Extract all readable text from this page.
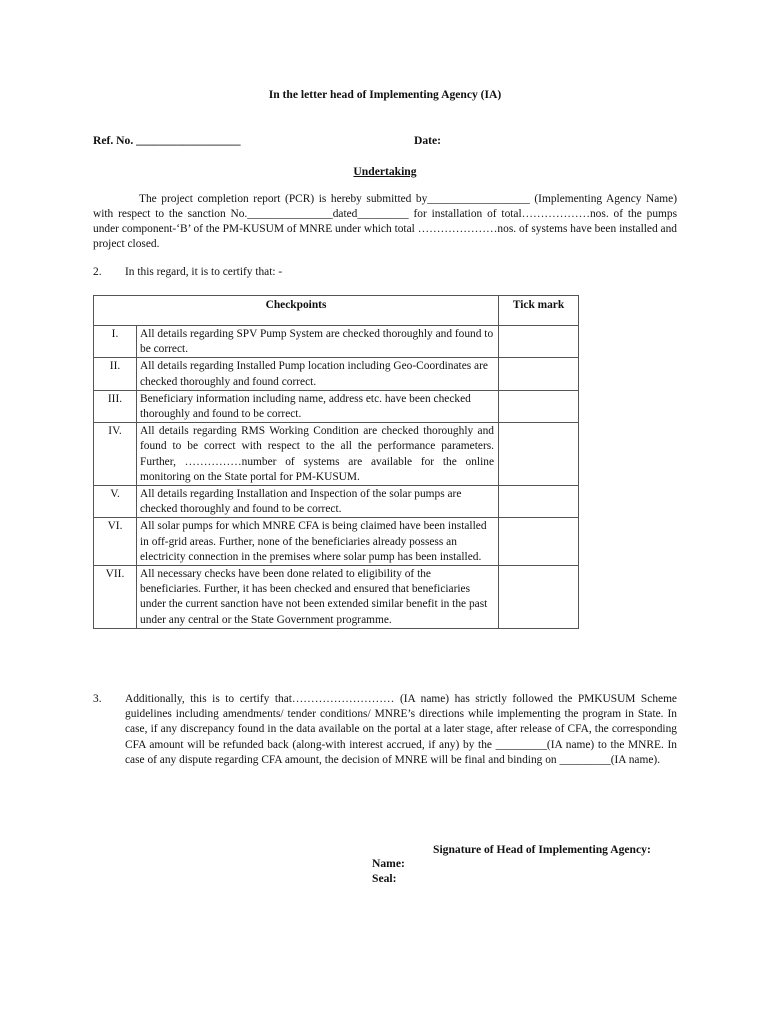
In the letter head of Implementing Agency (IA)
Ref. No. __________________	Date:
Undertaking
The project completion report (PCR) is hereby submitted by__________________ (Implementing Agency Name) with respect to the sanction No._______________dated_________ for installation of total………………nos. of the pumps under component-‘B’ of the PM-KUSUM of MNRE under which total …………………nos. of systems have been installed and project closed.
2. In this regard, it is to certify that: -
Checkpoints		Tick mark
I.	All details regarding SPV Pump System are checked thoroughly and found to be correct.	
II.	All details regarding Installed Pump location including Geo-Coordinates are checked thoroughly and found correct.	
III.	Beneficiary information including name, address etc. have been checked thoroughly and found to be correct.	
IV.	All details regarding RMS Working Condition are checked thoroughly and found to be correct with respect to the all the performance parameters. Further, ……………number of systems are available for the online monitoring on the State portal for PM-KUSUM.	
V.	All details regarding Installation and Inspection of the solar pumps are checked thoroughly and found to be correct.	
VI.	All solar pumps for which MNRE CFA is being claimed have been installed in off-grid areas. Further, none of the beneficiaries already possess an electricity connection in the premises where solar pump has been installed.	
VII.	All necessary checks have been done related to eligibility of the beneficiaries. Further, it has been checked and ensured that beneficiaries under the current sanction have not been extended similar benefit in the past under any central or the State Government programme.	
3. Additionally, this is to certify that……………………… (IA name) has strictly followed the PMKUSUM Scheme guidelines including amendments/ tender conditions/ MNRE’s directions while implementing the program in State. In case, if any discrepancy found in the data available on the portal at a later stage, after release of CFA, the corresponding CFA amount will be refunded back (along-with interest accrued, if any) by the _________(IA name) to the MNRE. In case of any dispute regarding CFA amount, the decision of MNRE will be final and binding on _________(IA name).
Signature of Head of Implementing Agency:
Name:
Seal:
